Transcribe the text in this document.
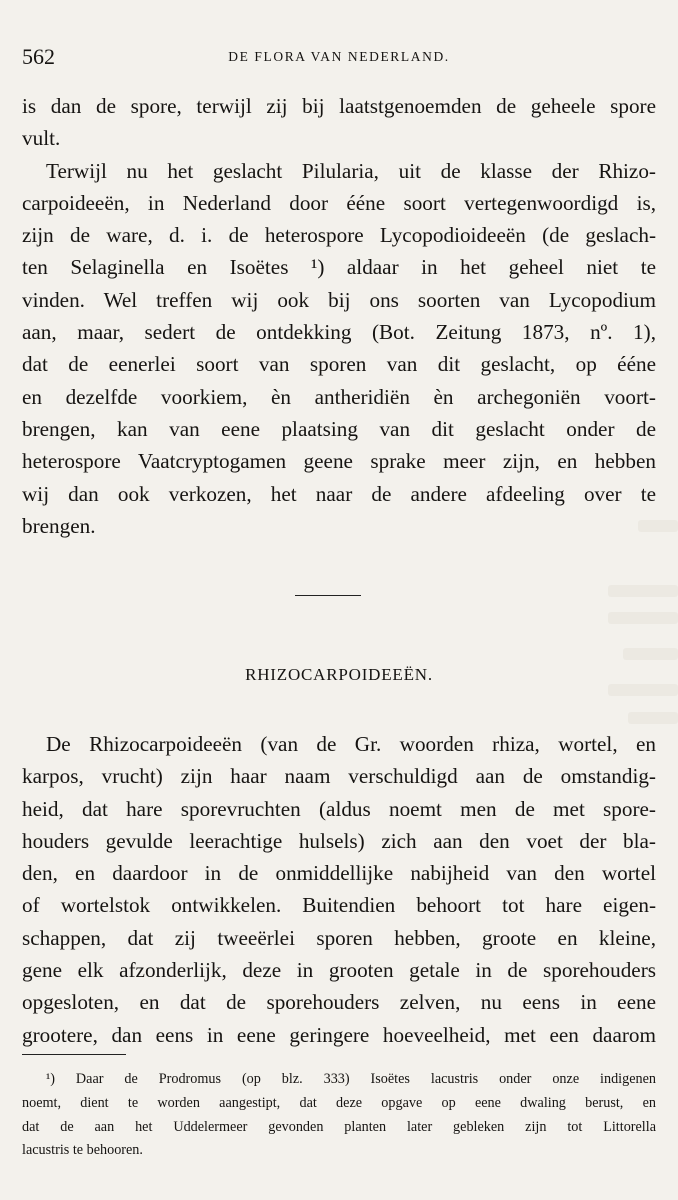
562	DE FLORA VAN NEDERLAND.
is dan de spore, terwijl zij bij laatstgenoemden de geheele spore
vult.
Terwijl nu het geslacht Pilularia, uit de klasse der Rhizo-
carpoideeën, in Nederland door ééne soort vertegenwoordigd is,
zijn de ware, d. i. de heterospore Lycopodioideeën (de geslach-
ten Selaginella en Isoëtes ¹) aldaar in het geheel niet te
vinden. Wel treffen wij ook bij ons soorten van Lycopodium
aan, maar, sedert de ontdekking (Bot. Zeitung 1873, nº. 1),
dat de eenerlei soort van sporen van dit geslacht, op ééne
en dezelfde voorkiem, èn antheridiën èn archegoniën voort-
brengen, kan van eene plaatsing van dit geslacht onder de
heterospore Vaatcryptogamen geene sprake meer zijn, en hebben
wij dan ook verkozen, het naar de andere afdeeling over te
brengen.
RHIZOCARPOIDEEËN.
De Rhizocarpoideeën (van de Gr. woorden rhiza, wortel, en
karpos, vrucht) zijn haar naam verschuldigd aan de omstandig-
heid, dat hare sporevruchten (aldus noemt men de met spore-
houders gevulde leerachtige hulsels) zich aan den voet der bla-
den, en daardoor in de onmiddellijke nabijheid van den wortel
of wortelstok ontwikkelen. Buitendien behoort tot hare eigen-
schappen, dat zij tweeërlei sporen hebben, groote en kleine,
gene elk afzonderlijk, deze in grooten getale in de sporehouders
opgesloten, en dat de sporehouders zelven, nu eens in eene
grootere, dan eens in eene geringere hoeveelheid, met een daarom
¹) Daar de Prodromus (op blz. 333) Isoëtes lacustris onder onze indigenen
noemt, dient te worden aangestipt, dat deze opgave op eene dwaling berust, en
dat de aan het Uddelermeer gevonden planten later gebleken zijn tot Littorella
lacustris te behooren.
